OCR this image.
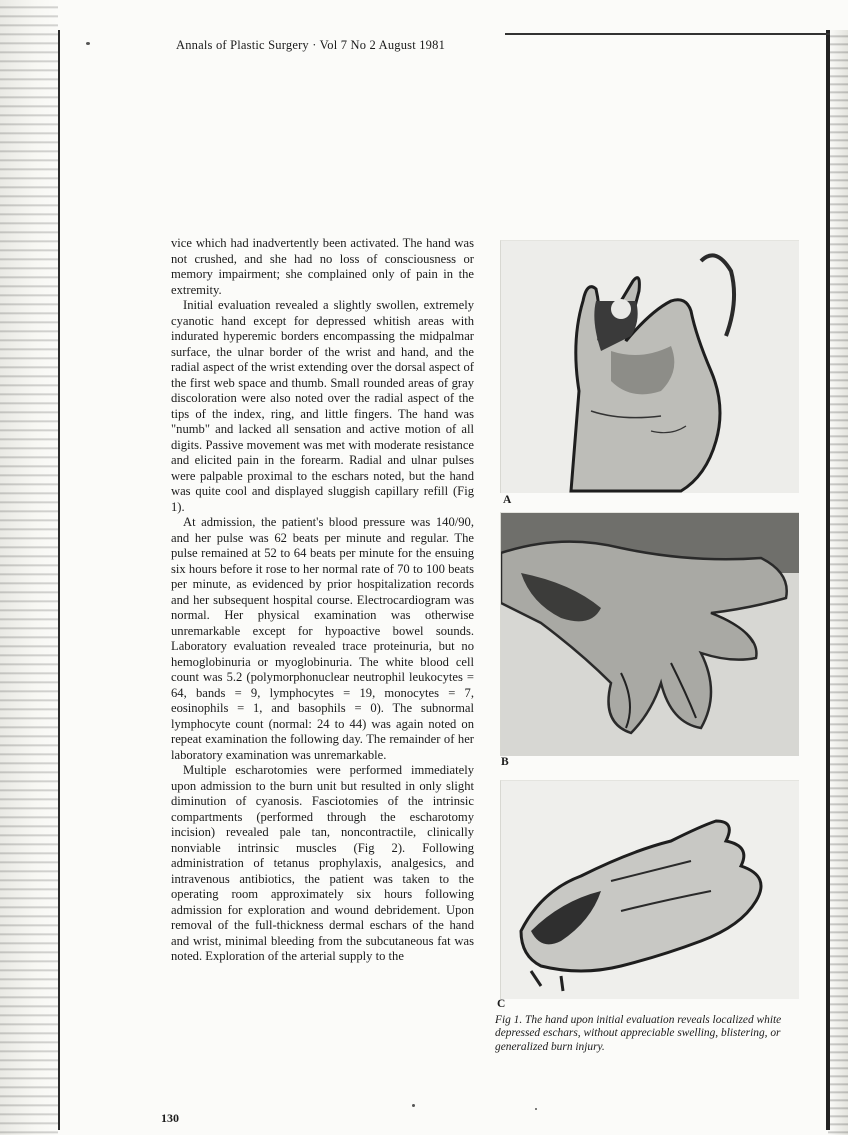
Annals of Plastic Surgery · Vol 7 No 2 August 1981

vice which had inadvertently been activated. The hand was not crushed, and she had no loss of consciousness or memory impairment; she complained only of pain in the extremity.

Initial evaluation revealed a slightly swollen, extremely cyanotic hand except for depressed whitish areas with indurated hyperemic borders encompassing the midpalmar surface, the ulnar border of the wrist and hand, and the radial aspect of the wrist extending over the dorsal aspect of the first web space and thumb. Small rounded areas of gray discoloration were also noted over the radial aspect of the tips of the index, ring, and little fingers. The hand was "numb" and lacked all sensation and active motion of all digits. Passive movement was met with moderate resistance and elicited pain in the forearm. Radial and ulnar pulses were palpable proximal to the eschars noted, but the hand was quite cool and displayed sluggish capillary refill (Fig 1).

At admission, the patient's blood pressure was 140/90, and her pulse was 62 beats per minute and regular. The pulse remained at 52 to 64 beats per minute for the ensuing six hours before it rose to her normal rate of 70 to 100 beats per minute, as evidenced by prior hospitalization records and her subsequent hospital course. Electrocardiogram was normal. Her physical examination was otherwise unremarkable except for hypoactive bowel sounds. Laboratory evaluation revealed trace proteinuria, but no hemoglobinuria or myoglobinuria. The white blood cell count was 5.2 (polymorphonuclear neutrophil leukocytes = 64, bands = 9, lymphocytes = 19, monocytes = 7, eosinophils = 1, and basophils = 0). The subnormal lymphocyte count (normal: 24 to 44) was again noted on repeat examination the following day. The remainder of her laboratory examination was unremarkable.

Multiple escharotomies were performed immediately upon admission to the burn unit but resulted in only slight diminution of cyanosis. Fasciotomies of the intrinsic compartments (performed through the escharotomy incision) revealed pale tan, noncontractile, clinically nonviable intrinsic muscles (Fig 2). Following administration of tetanus prophylaxis, analgesics, and intravenous antibiotics, the patient was taken to the operating room approximately six hours following admission for exploration and wound debridement. Upon removal of the full-thickness dermal eschars of the hand and wrist, minimal bleeding from the subcutaneous fat was noted. Exploration of the arterial supply to the

A
B
C
Fig 1. The hand upon initial evaluation reveals localized white depressed eschars, without appreciable swelling, blistering, or generalized burn injury.
130
